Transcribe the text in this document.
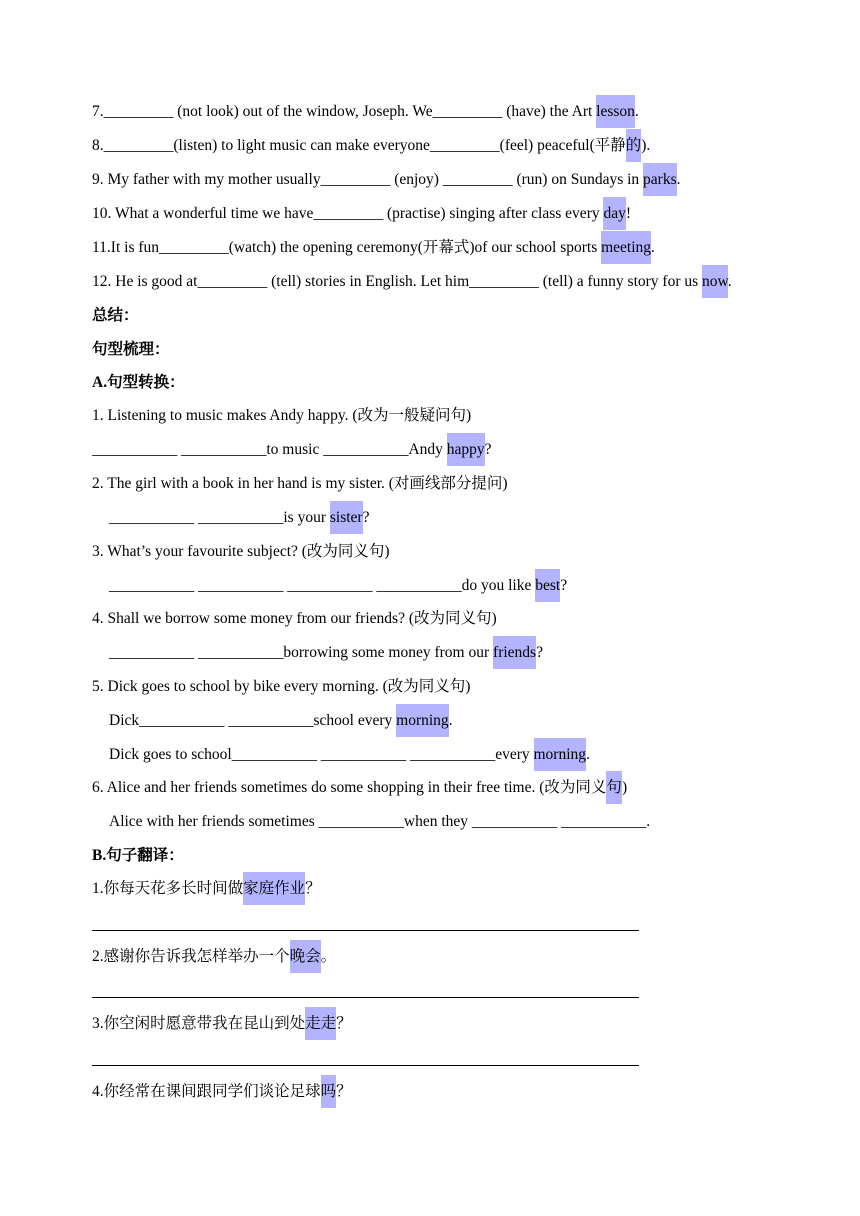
7._________ (not look) out of the window, Joseph. We_________ (have) the Art lesson.
8._________(listen) to light music can make everyone_________(feel) peaceful(平静的).
9. My father with my mother usually_________ (enjoy) _________ (run) on Sundays in parks.
10. What a wonderful time we have_________ (practise) singing after class every day!
11.It is fun_________(watch) the opening ceremony(开幕式)of our school sports meeting.
12. He is good at_________ (tell) stories in English. Let him_________ (tell) a funny story for us now.
总结：
句型梳理：
A.句型转换：
1. Listening to music makes Andy happy. (改为一般疑问句)
___________ ___________to music ___________Andy happy?
2. The girl with a book in her hand is my sister. (对画线部分提问)
___________ ___________is your sister?
3. What’s your favourite subject? (改为同义句)
___________ ___________ ___________ ___________do you like best?
4. Shall we borrow some money from our friends? (改为同义句)
___________ ___________borrowing some money from our friends?
5. Dick goes to school by bike every morning. (改为同义句)
Dick___________ ___________school every morning.
Dick goes to school___________ ___________ ___________every morning.
6. Alice and her friends sometimes do some shopping in their free time. (改为同义句)
Alice with her friends sometimes ___________when they ___________ ___________.
B.句子翻译：
1.你每天花多长时间做家庭作业？
2.感谢你告诉我怎样举办一个晚会。
3.你空闲时愿意带我在昆山到处走走？
4.你经常在课间跟同学们谈论足球吗？
